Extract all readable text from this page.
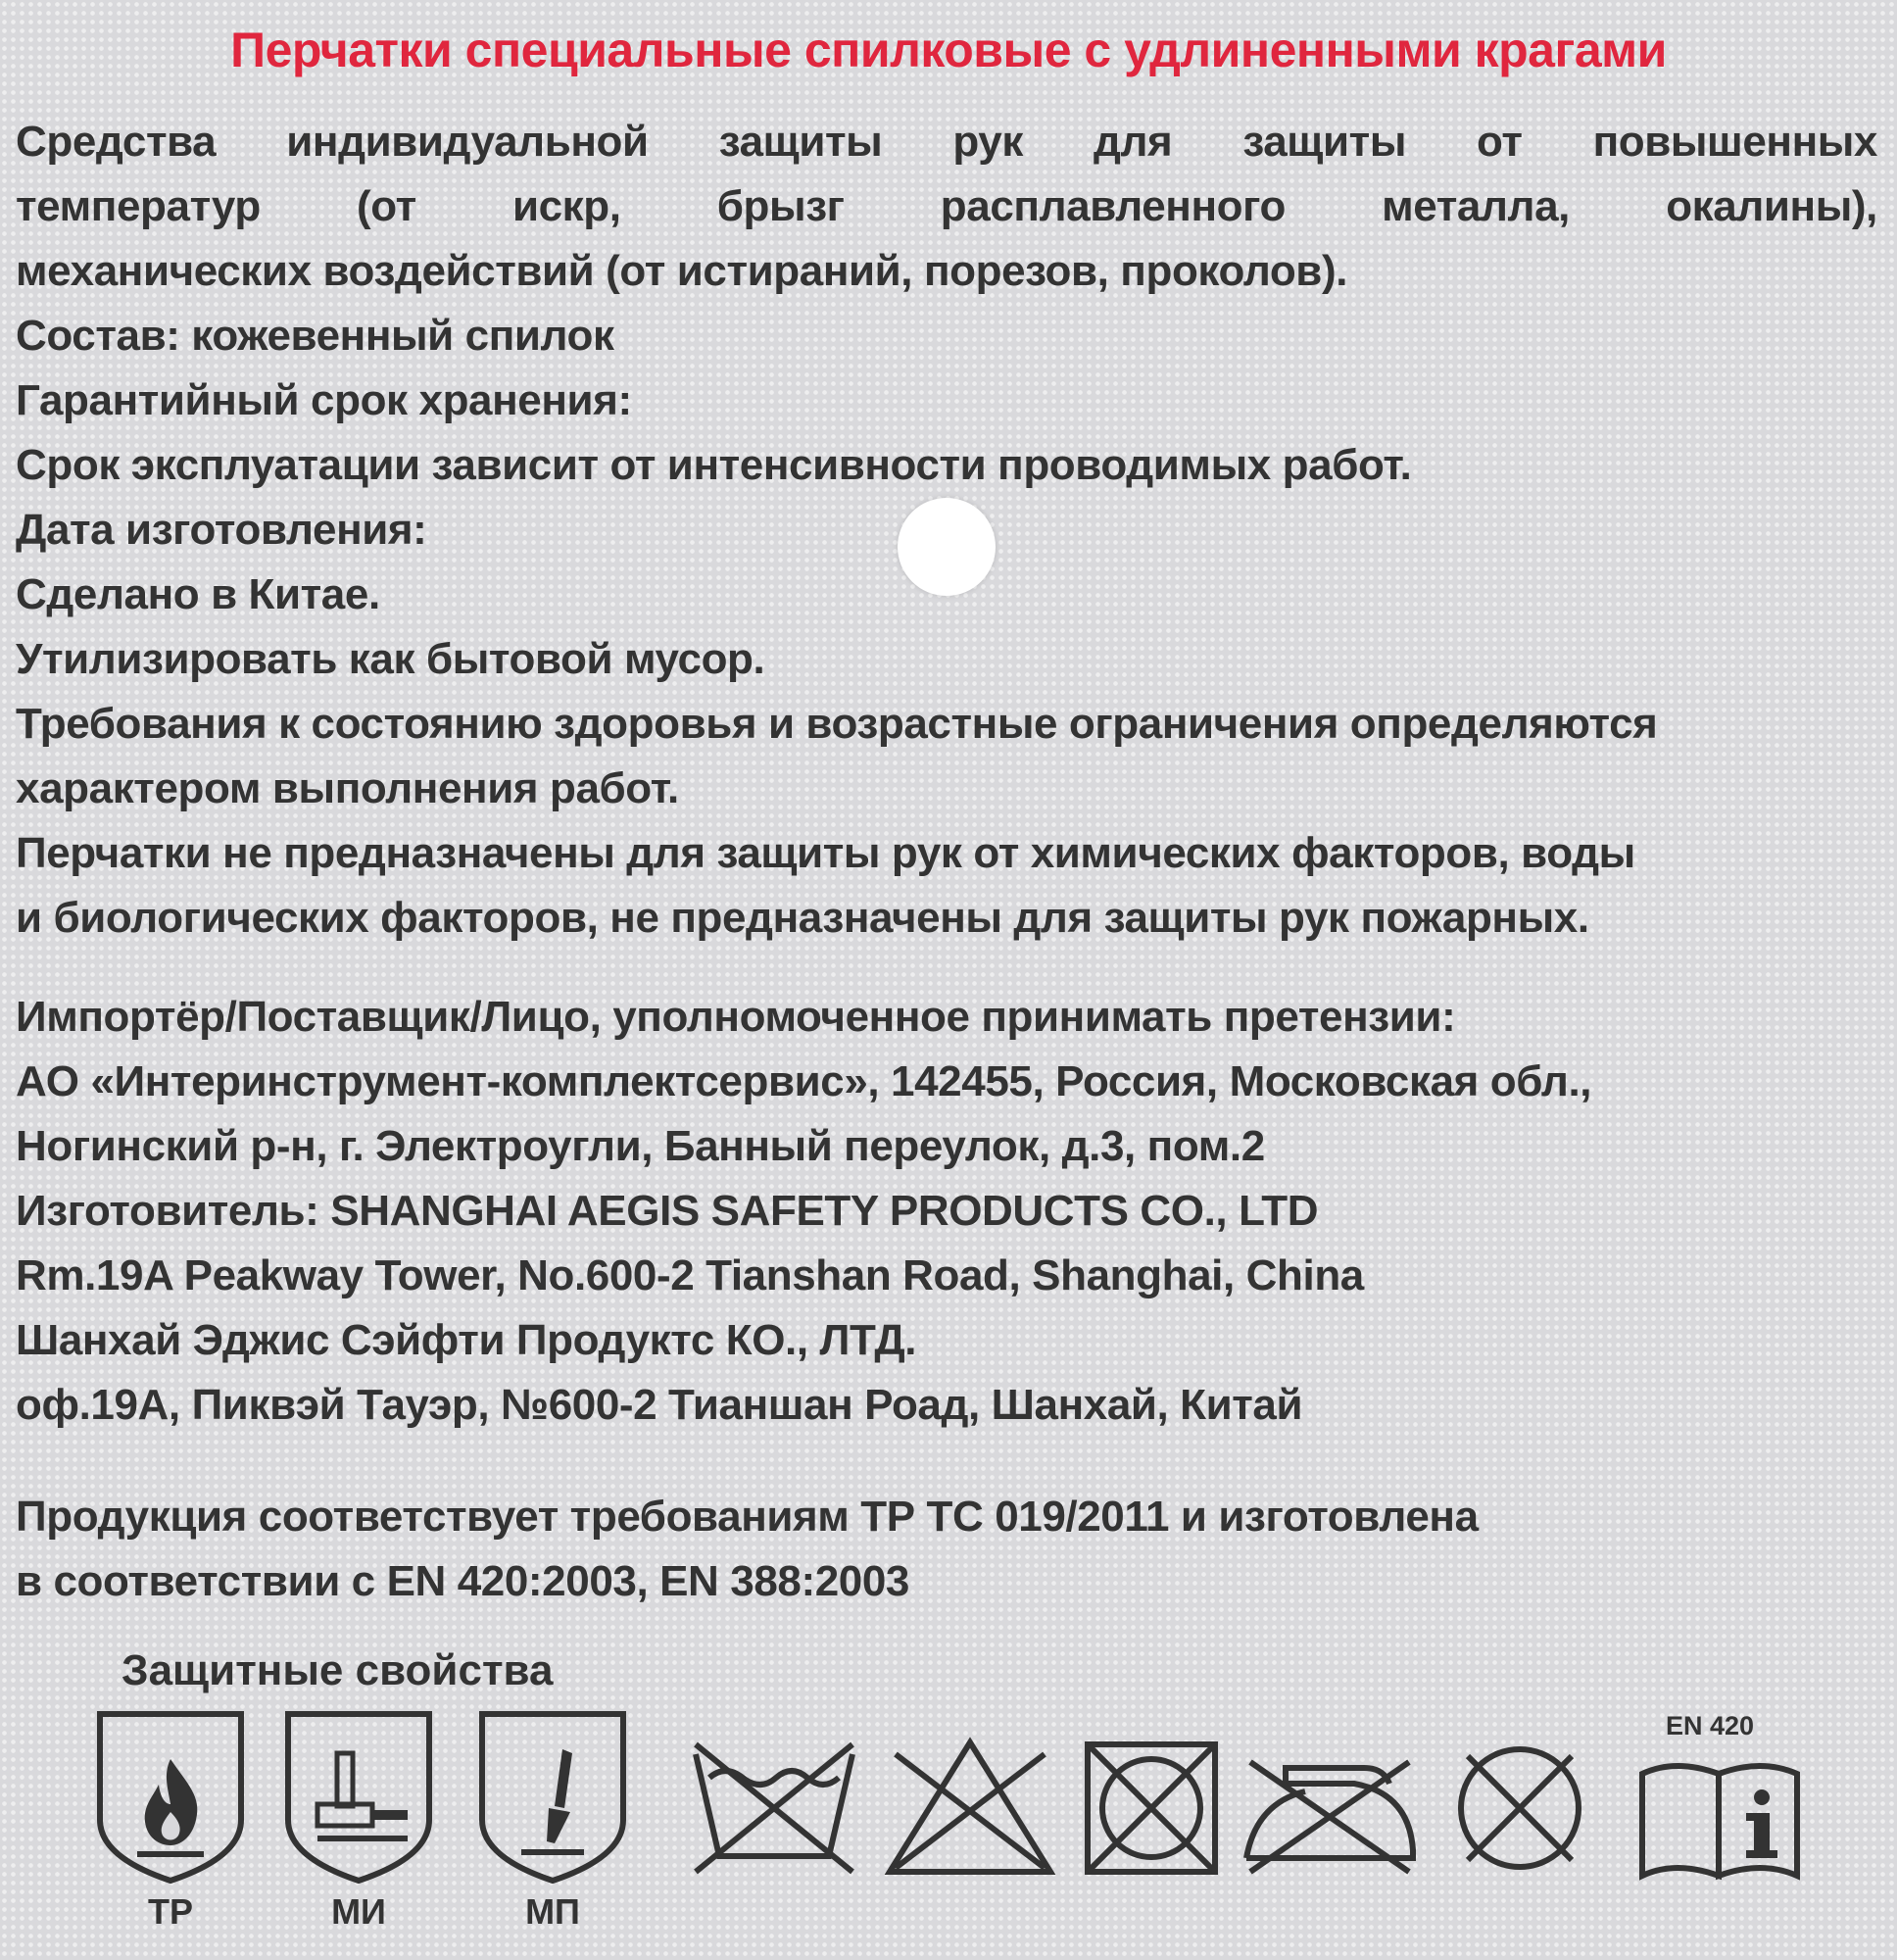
Перчатки специальные спилковые с удлиненными крагами
Средства индивидуальной защиты рук для защиты от повышенных
температур (от искр, брызг расплавленного металла, окалины),
механических воздействий (от истираний, порезов, проколов).
Состав: кожевенный спилок
Гарантийный срок хранения:
Срок эксплуатации зависит от интенсивности проводимых работ.
Дата изготовления:
Сделано в Китае.
Утилизировать как бытовой мусор.
Требования к состоянию здоровья и возрастные ограничения определяются
характером выполнения работ.
Перчатки не предназначены для защиты рук от химических факторов, воды
и биологических факторов, не предназначены для защиты рук пожарных.
Импортёр/Поставщик/Лицо, уполномоченное принимать претензии:
АО «Интеринструмент-комплектсервис», 142455, Россия, Московская обл.,
Ногинский р-н, г. Электроугли, Банный переулок, д.3, пом.2
Изготовитель: SHANGHAI AEGIS SAFETY PRODUCTS CO., LTD
Rm.19A Peakway Tower, No.600-2 Tianshan Road, Shanghai, China
Шанхай Эджис Сэйфти Продуктс КО., ЛТД.
оф.19А, Пиквэй Тауэр, №600-2 Тианшан Роад, Шанхай, Китай
Продукция соответствует требованиям ТР ТС 019/2011 и изготовлена
в соответствии с EN 420:2003, EN 388:2003
Защитные свойства
ТР	МИ	МП
EN 420
